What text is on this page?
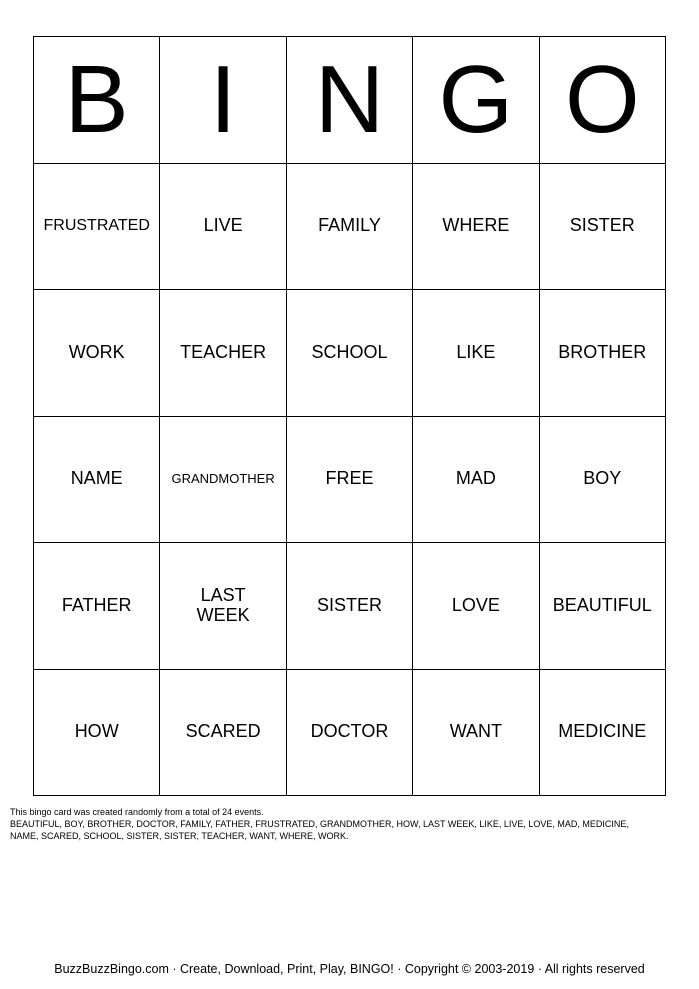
B I N G O
FRUSTRATED	LIVE	FAMILY	WHERE	SISTER
WORK	TEACHER	SCHOOL	LIKE	BROTHER
NAME	GRANDMOTHER	FREE	MAD	BOY
FATHER	LAST WEEK	SISTER	LOVE	BEAUTIFUL
HOW	SCARED	DOCTOR	WANT	MEDICINE
This bingo card was created randomly from a total of 24 events.
BEAUTIFUL, BOY, BROTHER, DOCTOR, FAMILY, FATHER, FRUSTRATED, GRANDMOTHER, HOW, LAST WEEK, LIKE, LIVE, LOVE, MAD, MEDICINE,
NAME, SCARED, SCHOOL, SISTER, SISTER, TEACHER, WANT, WHERE, WORK.
BuzzBuzzBingo.com · Create, Download, Print, Play, BINGO! · Copyright © 2003-2019 · All rights reserved
